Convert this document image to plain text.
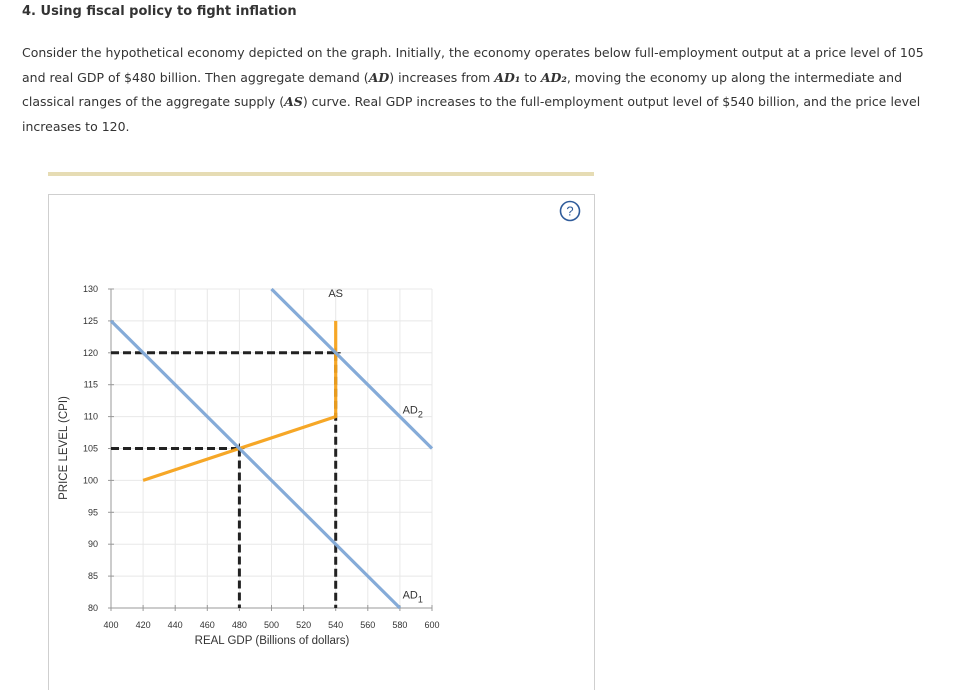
4. Using fiscal policy to fight inflation
Consider the hypothetical economy depicted on the graph. Initially, the economy operates below full-employment output at a price level of 105 and real GDP of $480 billion. Then aggregate demand (AD) increases from AD₁ to AD₂, moving the economy up along the intermediate and classical ranges of the aggregate supply (AS) curve. Real GDP increases to the full-employment output level of $540 billion, and the price level increases to 120.
?
400 420 440 460 480 500 520 540 560 580 600
80
85
90
95
100
105
110
115
120
125
130	AS
$AD_1$
$AD_2$
REAL GDP (Billions of dollars)
PRICE LEVEL (CPI)
